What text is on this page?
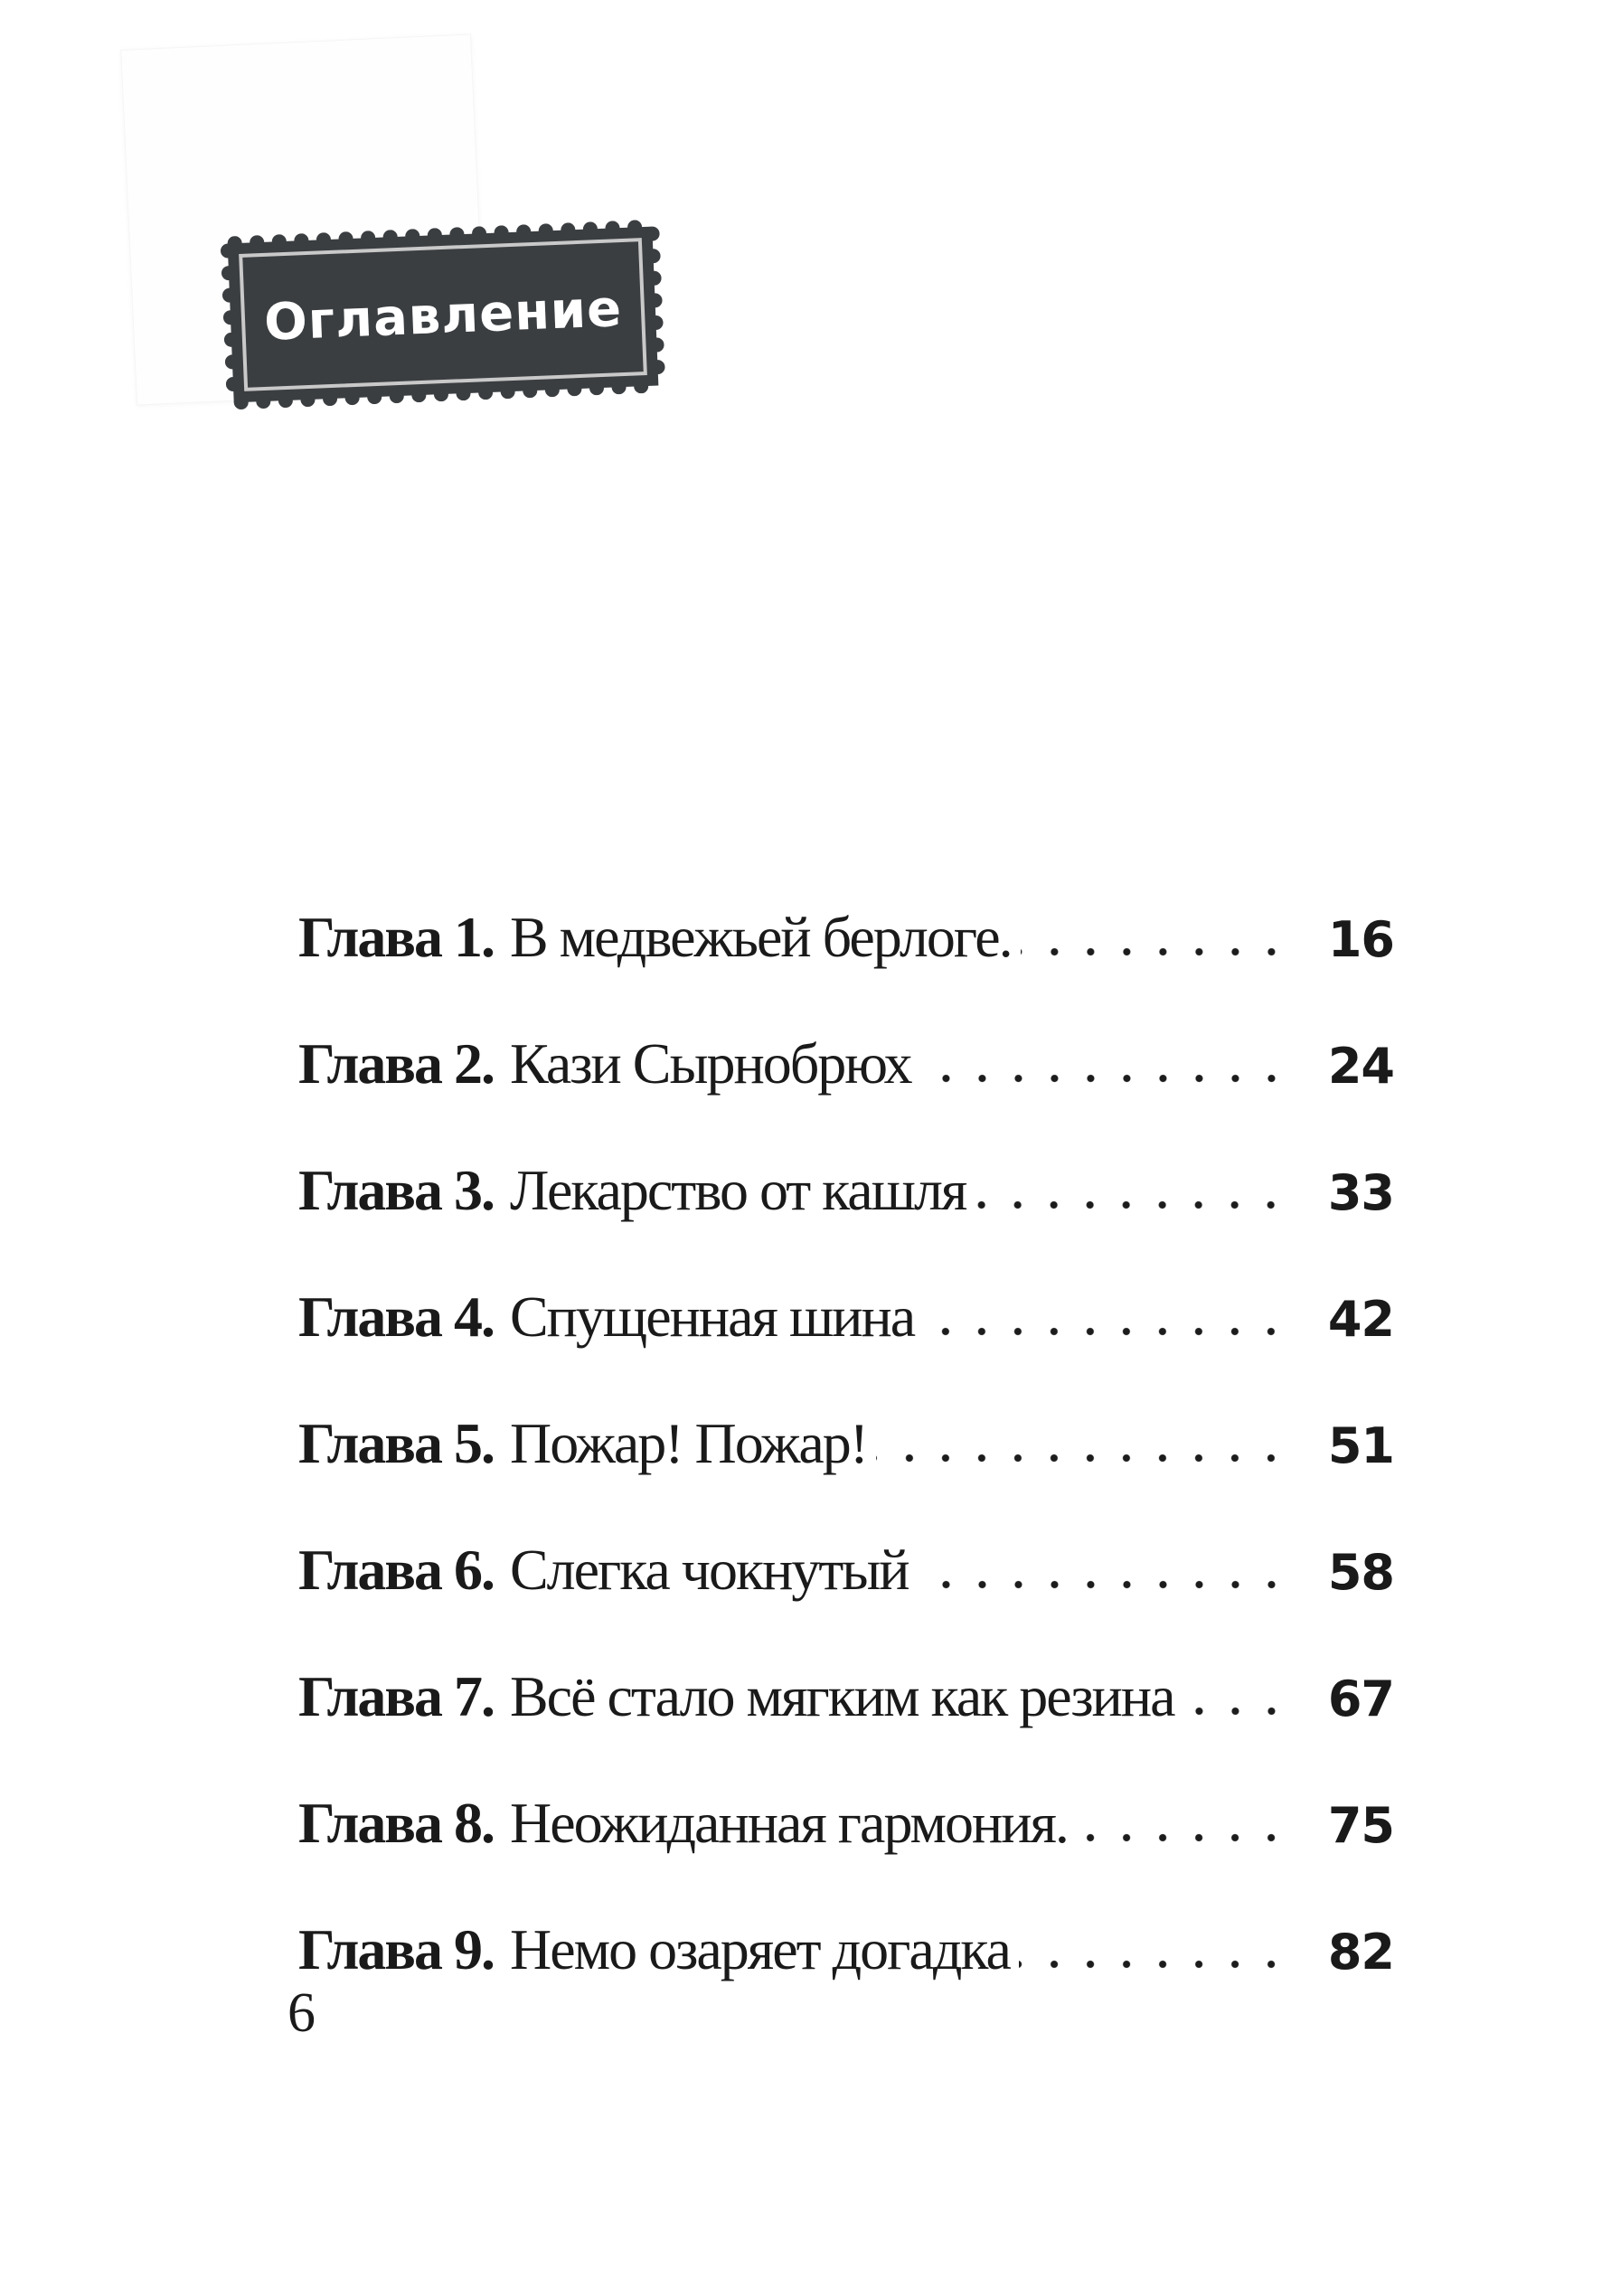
Оглавление
Глава 1. В медвежьей берлоге.	16
Глава 2. Кази Сырнобрюх	24
Глава 3. Лекарство от кашля	33
Глава 4. Спущенная шина	42
Глава 5. Пожар! Пожар!	51
Глава 6. Слегка чокнутый	58
Глава 7. Всё стало мягким как резина	67
Глава 8. Неожиданная гармония.	75
Глава 9. Немо озаряет догадка	82
6
